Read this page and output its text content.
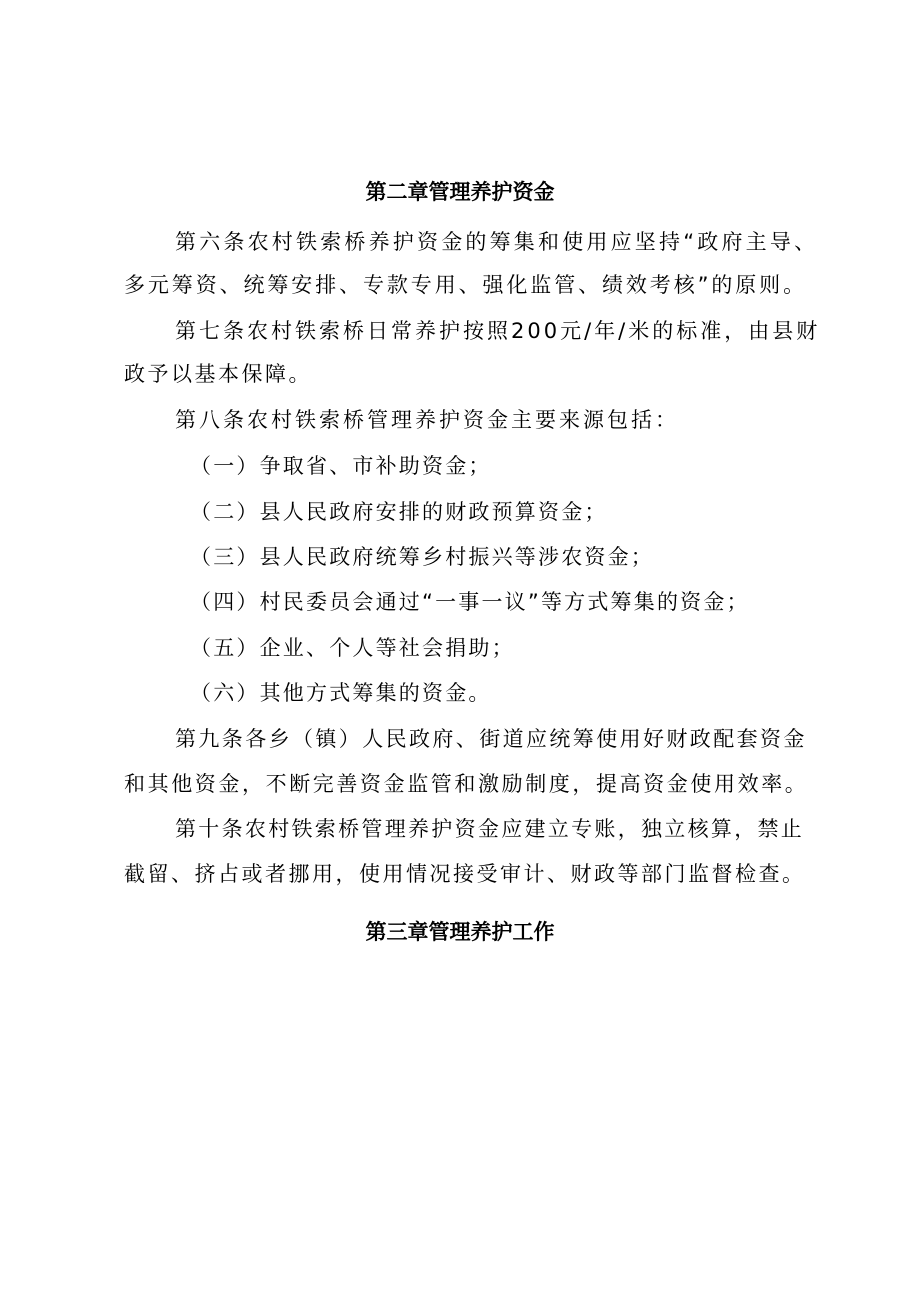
第二章管理养护资金
第六条农村铁索桥养护资金的筹集和使用应坚持“政府主导、
多元筹资、统筹安排、专款专用、强化监管、绩效考核”的原则。
第七条农村铁索桥日常养护按照200元/年/米的标准，由县财
政予以基本保障。
第八条农村铁索桥管理养护资金主要来源包括：
（一）争取省、市补助资金；
（二）县人民政府安排的财政预算资金；
（三）县人民政府统筹乡村振兴等涉农资金；
（四）村民委员会通过“一事一议”等方式筹集的资金；
（五）企业、个人等社会捐助；
（六）其他方式筹集的资金。
第九条各乡（镇）人民政府、街道应统筹使用好财政配套资金
和其他资金，不断完善资金监管和激励制度，提高资金使用效率。
第十条农村铁索桥管理养护资金应建立专账，独立核算，禁止
截留、挤占或者挪用，使用情况接受审计、财政等部门监督检查。
第三章管理养护工作
